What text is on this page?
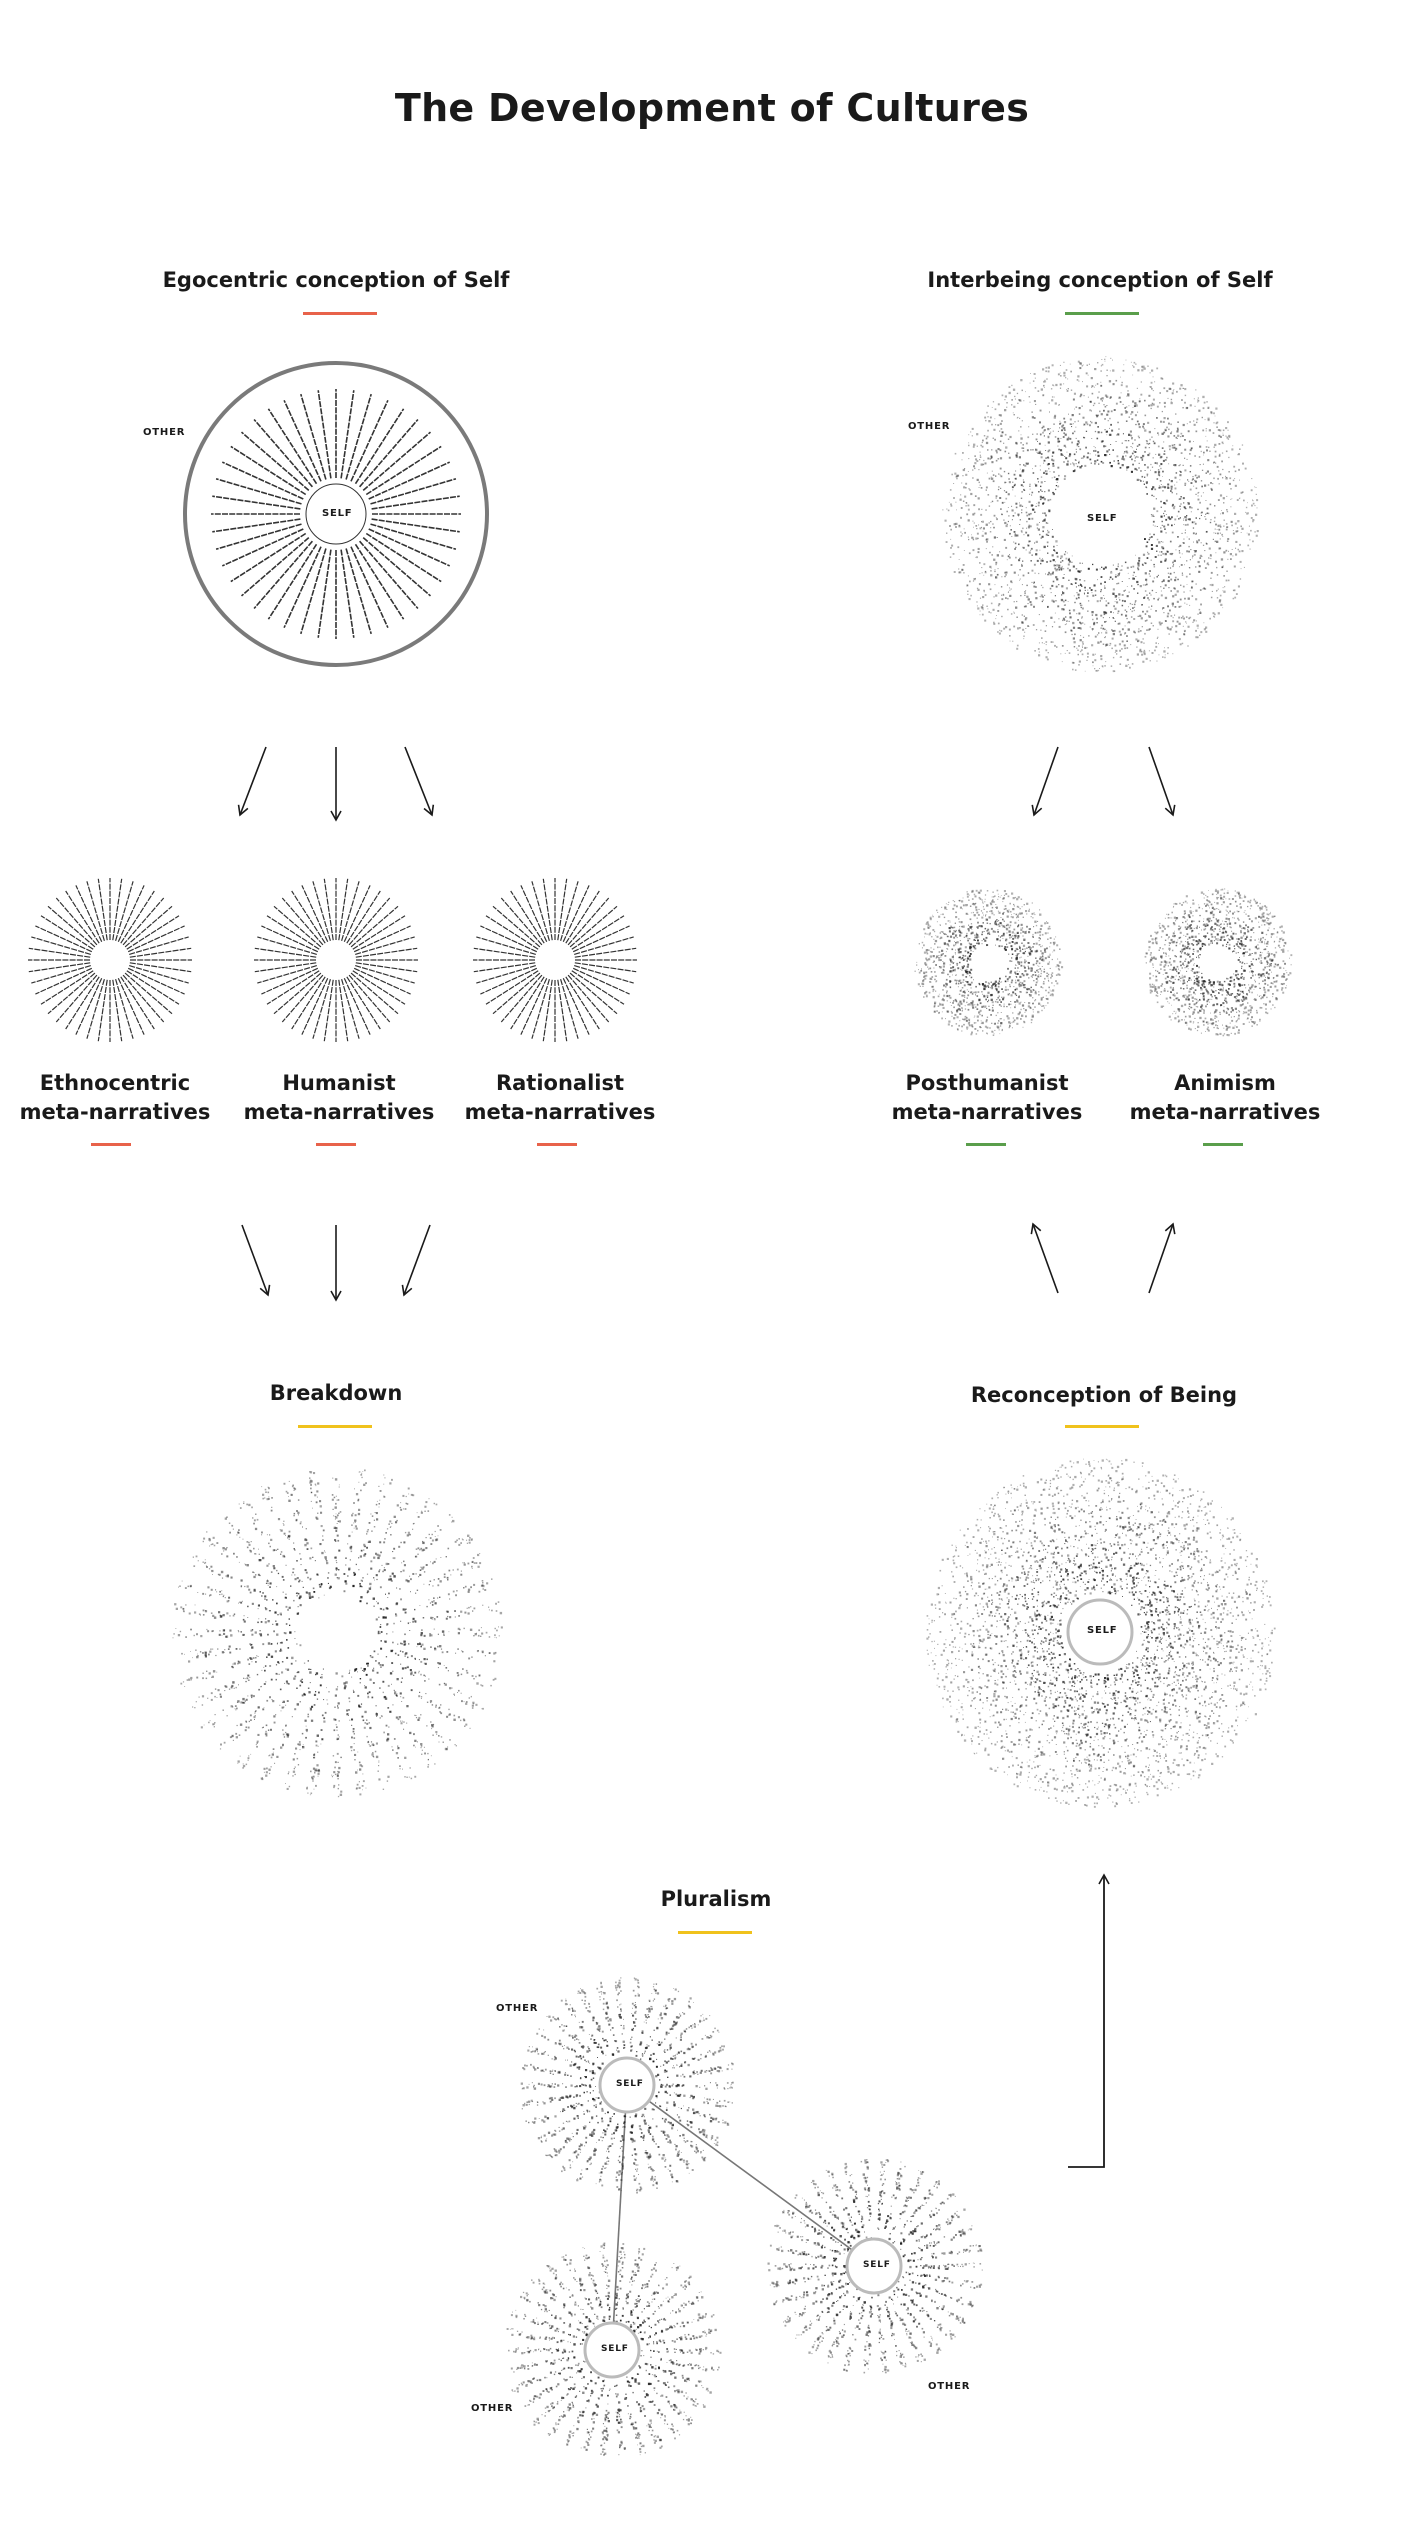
The Development of Cultures
Egocentric conception of Self
OTHER
SELF
Interbeing conception of Self
OTHER
SELF
Ethnocentric
meta-narratives
Humanist
meta-narratives
Rationalist
meta-narratives
Posthumanist
meta-narratives
Animism
meta-narratives
Breakdown	Reconception of Being
SELF
Pluralism
OTHER
SELF
OTHER
SELF
OTHER
SELF
